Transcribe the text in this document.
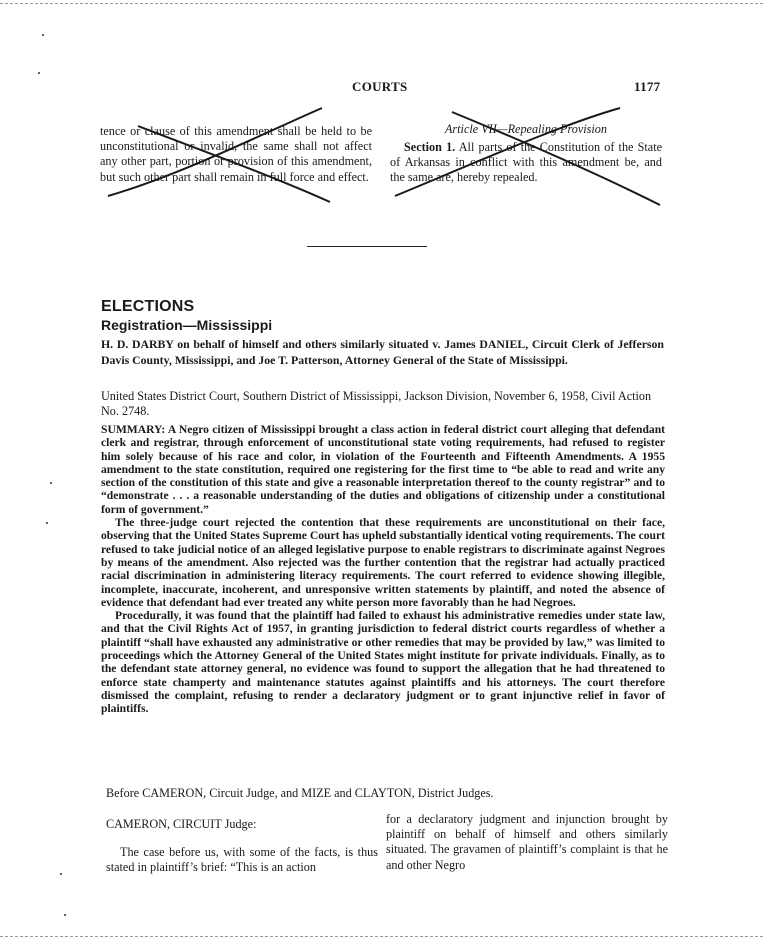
COURTS	1177
tence or clause of this amendment shall be held to be unconstitutional or invalid, the same shall not affect any other part, portion or provision of this amendment, but such other part shall remain in full force and effect.
Article VII—Repealing Provision
Section 1. All parts of the Constitution of the State of Arkansas in conflict with this amendment be, and the same are, hereby repealed.
ELECTIONS
Registration—Mississippi
H. D. DARBY on behalf of himself and others similarly situated v. James DANIEL, Circuit Clerk of Jefferson Davis County, Mississippi, and Joe T. Patterson, Attorney General of the State of Mississippi.
United States District Court, Southern District of Mississippi, Jackson Division, November 6, 1958, Civil Action No. 2748.

SUMMARY: A Negro citizen of Mississippi brought a class action in federal district court alleging that defendant clerk and registrar, through enforcement of unconstitutional state voting requirements, had refused to register him solely because of his race and color, in violation of the Fourteenth and Fifteenth Amendments. A 1955 amendment to the state constitution, required one registering for the first time to “be able to read and write any section of the constitution of this state and give a reasonable interpretation thereof to the county registrar” and to “demonstrate . . . a reasonable understanding of the duties and obligations of citizenship under a constitutional form of government.”

The three-judge court rejected the contention that these requirements are unconstitutional on their face, observing that the United States Supreme Court has upheld substantially identical voting requirements. The court refused to take judicial notice of an alleged legislative purpose to enable registrars to discriminate against Negroes by means of the amendment. Also rejected was the further contention that the registrar had actually practiced racial discrimination in administering literacy requirements. The court referred to evidence showing illegible, incomplete, inaccurate, incoherent, and unresponsive written statements by plaintiff, and noted the absence of evidence that defendant had ever treated any white person more favorably than he had Negroes.

Procedurally, it was found that the plaintiff had failed to exhaust his administrative remedies under state law, and that the Civil Rights Act of 1957, in granting jurisdiction to federal district courts regardless of whether a plaintiff “shall have exhausted any administrative or other remedies that may be provided by law,” was limited to proceedings which the Attorney General of the United States might institute for private individuals. Finally, as to the defendant state attorney general, no evidence was found to support the allegation that he had threatened to enforce state champerty and maintenance statutes against plaintiffs and his attorneys. The court therefore dismissed the complaint, refusing to render a declaratory judgment or to grant injunctive relief in favor of plaintiffs.

Before CAMERON, Circuit Judge, and MIZE and CLAYTON, District Judges.
CAMERON, CIRCUIT Judge:
The case before us, with some of the facts, is thus stated in plaintiff’s brief: “This is an action
for a declaratory judgment and injunction brought by plaintiff on behalf of himself and others similarly situated. The gravamen of plaintiff’s complaint is that he and other Negro
